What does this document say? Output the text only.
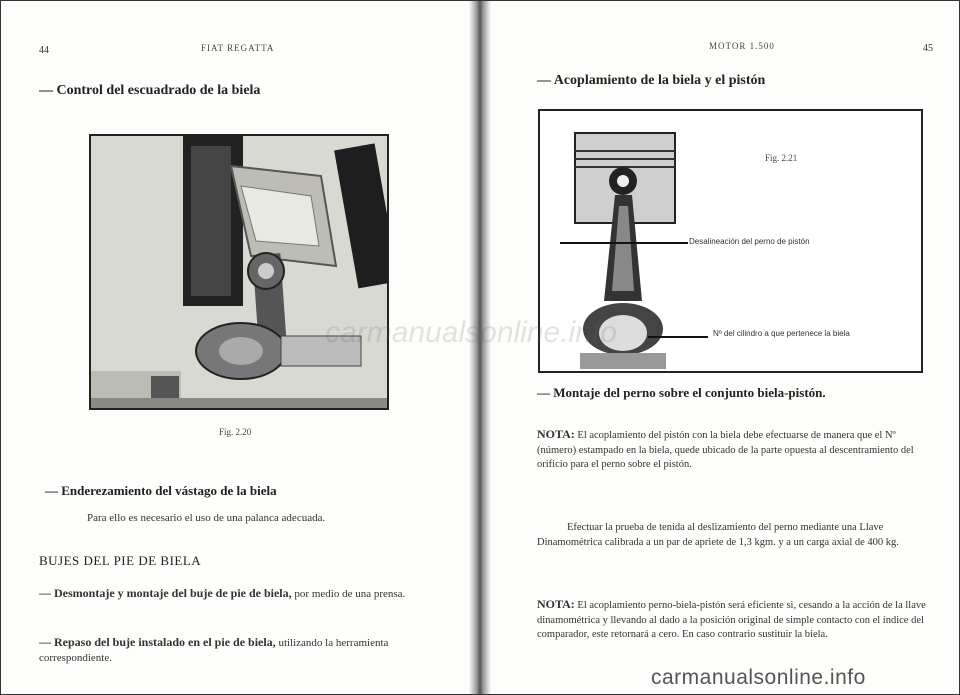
44	FIAT REGATTA
— Control del escuadrado de la biela
Fig. 2.20
— Enderezamiento del vástago de la biela
Para ello es necesario el uso de una palanca adecuada.
BUJES DEL PIE DE BIELA
— Desmontaje y montaje del buje de pie de biela, por medio de una prensa.
— Repaso del buje instalado en el pie de biela, utilizando la herramienta correspondiente.
MOTOR 1.500	45
— Acoplamiento de la biela y el pistón
Fig. 2.21
Desalineación del perno de pistón
Nº del cilindro a que pertenece la biela
— Montaje del perno sobre el conjunto biela-pistón.
NOTA: El acoplamiento del pistón con la biela debe efectuarse de manera que el Nº (número) estampado en la biela, quede ubicado de la parte opuesta al descentramiento del orificio para el perno sobre el pistón.
Efectuar la prueba de tenida al deslizamiento del perno mediante una Llave Dinamométrica calibrada a un par de apriete de 1,3 kgm. y a un carga axial de 400 kg.
NOTA: El acoplamiento perno-biela-pistón será eficiente si, cesando a la acción de la llave dinamométrica y llevando al dado a la posición original de simple contacto con el índice del comparador, este retornará a cero. En caso contrario sustituir la biela.
carmanualsonline.info
carmanualsonline.info
